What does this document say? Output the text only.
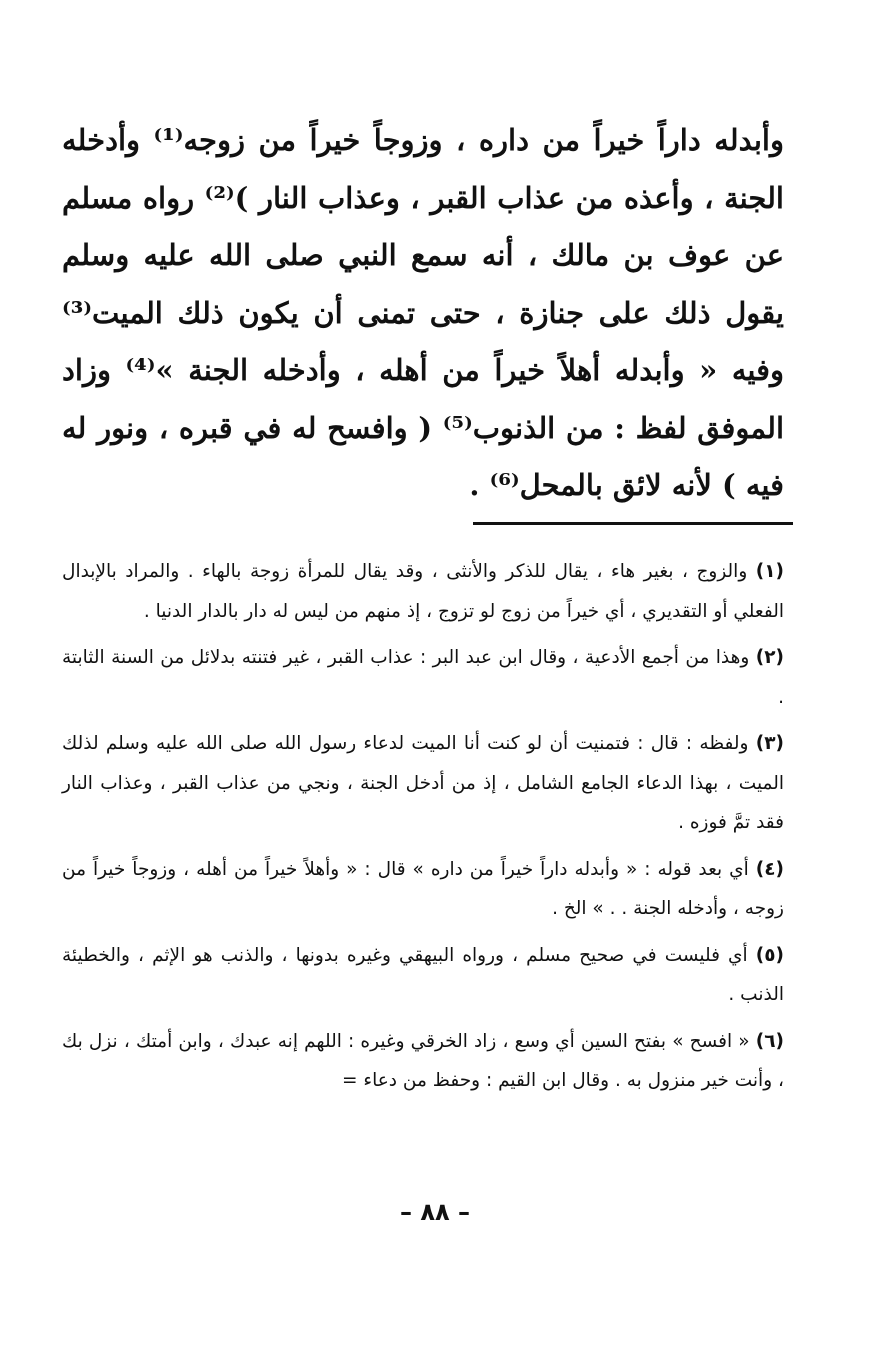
وأبدله داراً خيراً من داره ، وزوجاً خيراً من زوجه⁽¹⁾ وأدخله الجنة ، وأعذه من عذاب القبر ، وعذاب النار )⁽²⁾ رواه مسلم عن عوف بن مالك ، أنه سمع النبي صلى الله عليه وسلم يقول ذلك على جنازة ، حتى تمنى أن يكون ذلك الميت⁽³⁾ وفيه « وأبدله أهلاً خيراً من أهله ، وأدخله الجنة »⁽⁴⁾ وزاد الموفق لفظ : من الذنوب⁽⁵⁾ ( وافسح له في قبره ، ونور له فيه ) لأنه لائق بالمحل⁽⁶⁾ .

(١) والزوج ، بغير هاء ، يقال للذكر والأنثى ، وقد يقال للمرأة زوجة بالهاء . والمراد بالإبدال الفعلي أو التقديري ، أي خيراً من زوج لو تزوج ، إذ منهم من ليس له دار بالدار الدنيا .

(٢) وهذا من أجمع الأدعية ، وقال ابن عبد البر : عذاب القبر ، غير فتنته بدلائل من السنة الثابتة .

(٣) ولفظه : قال : فتمنيت أن لو كنت أنا الميت لدعاء رسول الله صلى الله عليه وسلم لذلك الميت ، بهذا الدعاء الجامع الشامل ، إذ من أدخل الجنة ، ونجي من عذاب القبر ، وعذاب النار فقد تمَّ فوزه .

(٤) أي بعد قوله : « وأبدله داراً خيراً من داره » قال : « وأهلاً خيراً من أهله ، وزوجاً خيراً من زوجه ، وأدخله الجنة . . » الخ .

(٥) أي فليست في صحيح مسلم ، ورواه البيهقي وغيره بدونها ، والذنب هو الإثم ، والخطيئة الذنب .

(٦) « افسح » بفتح السين أي وسع ، زاد الخرقي وغيره : اللهم إنه عبدك ، وابن أمتك ، نزل بك ، وأنت خير منزول به . وقال ابن القيم : وحفظ من دعاء =

– ٨٨ –
